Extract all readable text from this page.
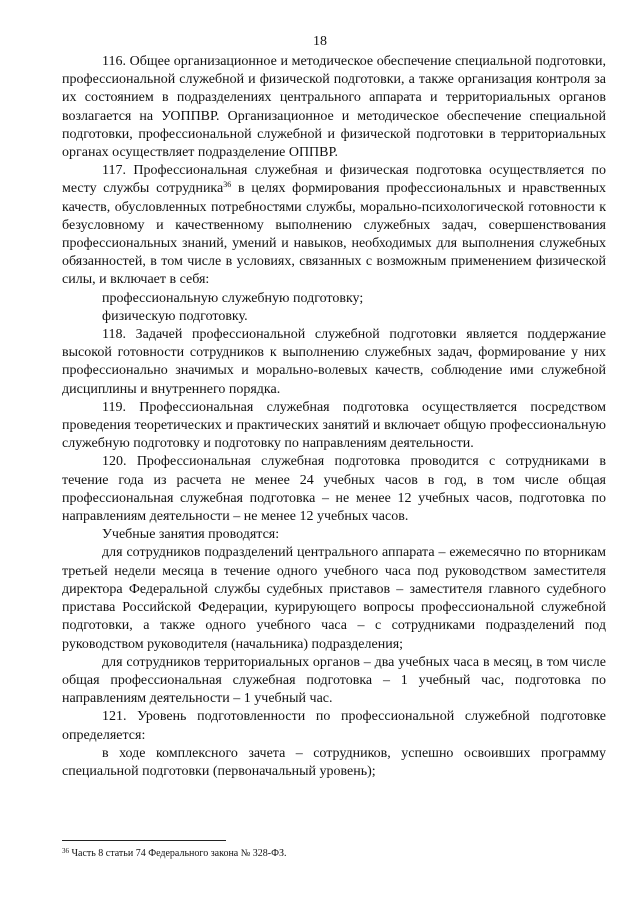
18

116. Общее организационное и методическое обеспечение специальной подготовки, профессиональной служебной и физической подготовки, а также организация контроля за их состоянием в подразделениях центрального аппарата и территориальных органов возлагается на УОППВР. Организационное и методическое обеспечение специальной подготовки, профессиональной служебной и физической подготовки в территориальных органах осуществляет подразделение ОППВР.

117. Профессиональная служебная и физическая подготовка осуществляется по месту службы сотрудника$^{36}$ в целях формирования профессиональных и нравственных качеств, обусловленных потребностями службы, морально-психологической готовности к безусловному и качественному выполнению служебных задач, совершенствования профессиональных знаний, умений и навыков, необходимых для выполнения служебных обязанностей, в том числе в условиях, связанных с возможным применением физической силы, и включает в себя:

профессиональную служебную подготовку;

физическую подготовку.

118. Задачей профессиональной служебной подготовки является поддержание высокой готовности сотрудников к выполнению служебных задач, формирование у них профессионально значимых и морально-волевых качеств, соблюдение ими служебной дисциплины и внутреннего порядка.

119. Профессиональная служебная подготовка осуществляется посредством проведения теоретических и практических занятий и включает общую профессиональную служебную подготовку и подготовку по направлениям деятельности.

120. Профессиональная служебная подготовка проводится с сотрудниками в течение года из расчета не менее 24 учебных часов в год, в том числе общая профессиональная служебная подготовка – не менее 12 учебных часов, подготовка по направлениям деятельности – не менее 12 учебных часов.

Учебные занятия проводятся:

для сотрудников подразделений центрального аппарата – ежемесячно по вторникам третьей недели месяца в течение одного учебного часа под руководством заместителя директора Федеральной службы судебных приставов – заместителя главного судебного пристава Российской Федерации, курирующего вопросы профессиональной служебной подготовки, а также одного учебного часа – с сотрудниками подразделений под руководством руководителя (начальника) подразделения;

для сотрудников территориальных органов – два учебных часа в месяц, в том числе общая профессиональная служебная подготовка – 1 учебный час, подготовка по направлениям деятельности – 1 учебный час.

121. Уровень подготовленности по профессиональной служебной подготовке определяется:

в ходе комплексного зачета – сотрудников, успешно освоивших программу специальной подготовки (первоначальный уровень);

$^{36}$ Часть 8 статьи 74 Федерального закона № 328-ФЗ.
